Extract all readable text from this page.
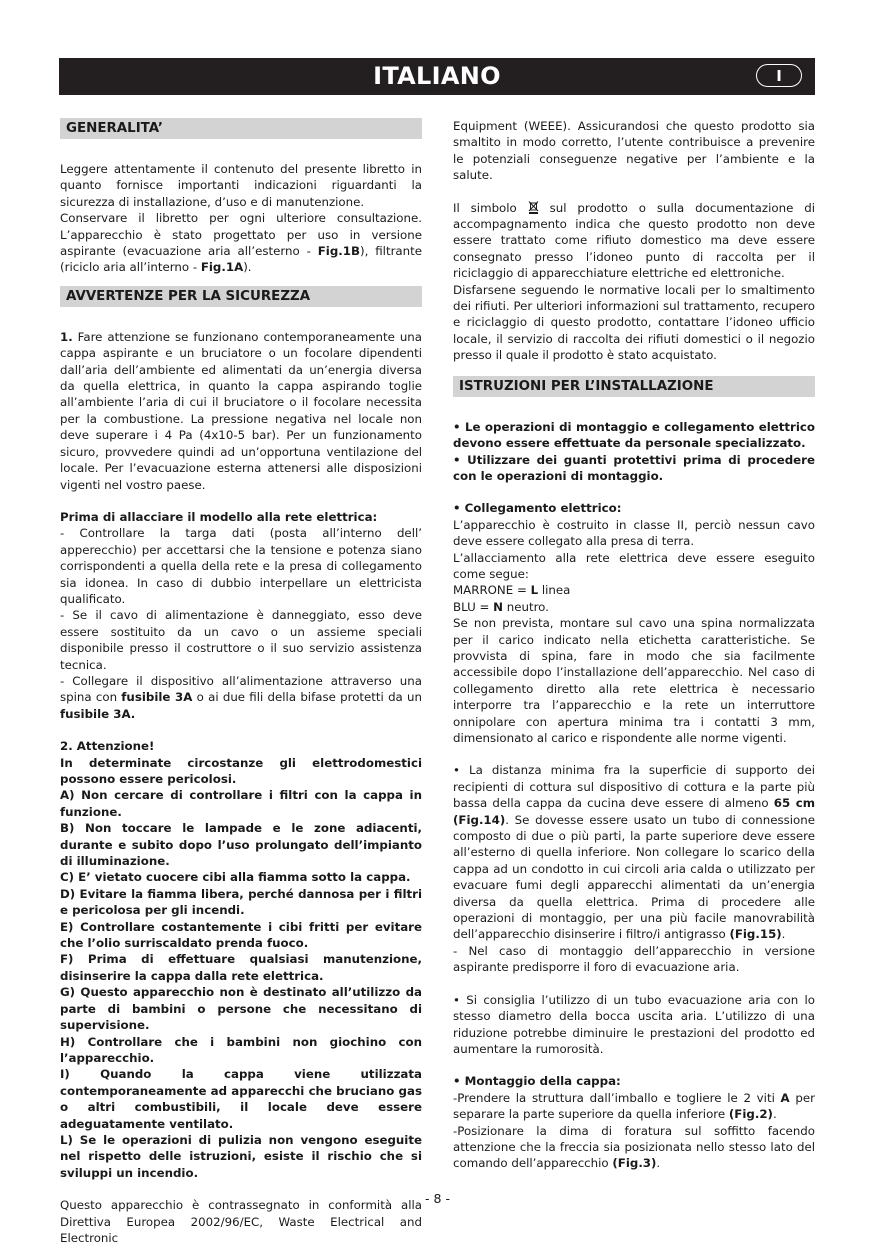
ITALIANO	I
GENERALITA’

Leggere attentamente il contenuto del presente libretto in quanto fornisce importanti indicazioni riguardanti la sicurezza di installazione, d’uso e di manutenzione.

Conservare il libretto per ogni ulteriore consultazione. L’apparecchio è stato progettato per uso in versione aspirante (evacuazione aria all’esterno - Fig.1B), filtrante (riciclo aria all’interno - Fig.1A).

AVVERTENZE PER LA SICUREZZA

1. Fare attenzione se funzionano contemporaneamente una cappa aspirante e un bruciatore o un focolare dipendenti dall’aria dell’ambiente ed alimentati da un’energia diversa da quella elettrica, in quanto la cappa aspirando toglie all’ambiente l’aria di cui il bruciatore o il focolare necessita per la combustione. La pressione negativa nel locale non deve superare i 4 Pa (4x10-5 bar). Per un funzionamento sicuro, provvedere quindi ad un’opportuna ventilazione del locale. Per l’evacuazione esterna attenersi alle disposizioni vigenti nel vostro paese.

Prima di allacciare il modello alla rete elettrica:

- Controllare la targa dati (posta all’interno dell’ apperecchio) per accettarsi che la tensione e potenza siano corrispondenti a quella della rete e la presa di collegamento sia idonea. In caso di dubbio interpellare un elettricista qualificato.

- Se il cavo di alimentazione è danneggiato, esso deve essere sostituito da un cavo o un assieme speciali disponibile presso il costruttore o il suo servizio assistenza tecnica.

- Collegare il dispositivo all’alimentazione attraverso una spina con fusibile 3A o ai due fili della bifase protetti da un fusibile 3A.

2. Attenzione!

In determinate circostanze gli elettrodomestici possono essere pericolosi.

A) Non cercare di controllare i filtri con la cappa in funzione.

B) Non toccare le lampade e le zone adiacenti, durante e subito dopo l’uso prolungato dell’impianto di illuminazione.

C) E’ vietato cuocere cibi alla fiamma sotto la cappa.

D) Evitare la fiamma libera, perché dannosa per i filtri e pericolosa per gli incendi.

E) Controllare costantemente i cibi fritti per evitare che l’olio surriscaldato prenda fuoco.

F) Prima di effettuare qualsiasi manutenzione, disinserire la cappa dalla rete elettrica.

G) Questo apparecchio non è destinato all’utilizzo da parte di bambini o persone che necessitano di supervisione.

H) Controllare che i bambini non giochino con l’apparecchio.

I) Quando la cappa viene utilizzata contemporaneamente ad apparecchi che bruciano gas o altri combustibili, il locale deve essere adeguatamente ventilato.

L) Se le operazioni di pulizia non vengono eseguite nel rispetto delle istruzioni, esiste il rischio che si sviluppi un incendio.

Questo apparecchio è contrassegnato in conformità alla Direttiva Europea 2002/96/EC, Waste Electrical and Electronic

Equipment (WEEE). Assicurandosi che questo prodotto sia smaltito in modo corretto, l’utente contribuisce a prevenire le potenziali conseguenze negative per l’ambiente e la salute.

Il simbolo  sul prodotto o sulla documentazione di accompagnamento indica che questo prodotto non deve essere trattato come rifiuto domestico ma deve essere consegnato presso l’idoneo punto di raccolta per il riciclaggio di apparecchiature elettriche ed elettroniche.

Disfarsene seguendo le normative locali per lo smaltimento dei rifiuti. Per ulteriori informazioni sul trattamento, recupero e riciclaggio di questo prodotto, contattare l’idoneo ufficio locale, il servizio di raccolta dei rifiuti domestici o il negozio presso il quale il prodotto è stato acquistato.

ISTRUZIONI PER L’INSTALLAZIONE

• Le operazioni di montaggio e collegamento elettrico devono essere effettuate da personale specializzato.

• Utilizzare dei guanti protettivi prima di procedere con le operazioni di montaggio.

• Collegamento elettrico:

L’apparecchio è costruito in classe II, perciò nessun cavo deve essere collegato alla presa di terra.

L’allacciamento alla rete elettrica deve essere eseguito come segue:

MARRONE = L linea

BLU = N neutro.

Se non prevista, montare sul cavo una spina normalizzata per il carico indicato nella etichetta caratteristiche. Se provvista di spina, fare in modo che sia facilmente accessibile dopo l’installazione dell’apparecchio. Nel caso di collegamento diretto alla rete elettrica è necessario interporre tra l’apparecchio e la rete un interruttore onnipolare con apertura minima tra i contatti 3 mm, dimensionato al carico e rispondente alle norme vigenti.

• La distanza minima fra la superficie di supporto dei recipienti di cottura sul dispositivo di cottura e la parte più bassa della cappa da cucina deve essere di almeno 65 cm (Fig.14). Se dovesse essere usato un tubo di connessione composto di due o più parti, la parte superiore deve essere all’esterno di quella inferiore. Non collegare lo scarico della cappa ad un condotto in cui circoli aria calda o utilizzato per evacuare fumi degli apparecchi alimentati da un’energia diversa da quella elettrica. Prima di procedere alle operazioni di montaggio, per una più facile manovrabilità dell’apparecchio disinserire i filtro/i antigrasso (Fig.15).

- Nel caso di montaggio dell’apparecchio in versione aspirante predisporre il foro di evacuazione aria.

• Si consiglia l’utilizzo di un tubo evacuazione aria con lo stesso diametro della bocca uscita aria. L’utilizzo di una riduzione potrebbe diminuire le prestazioni del prodotto ed aumentare la rumorosità.

• Montaggio della cappa:

-Prendere la struttura dall’imballo e togliere le 2 viti A per separare la parte superiore da quella inferiore (Fig.2).

-Posizionare la dima di foratura sul soffitto facendo attenzione che la freccia sia posizionata nello stesso lato del comando dell’apparecchio (Fig.3).

- 8 -
